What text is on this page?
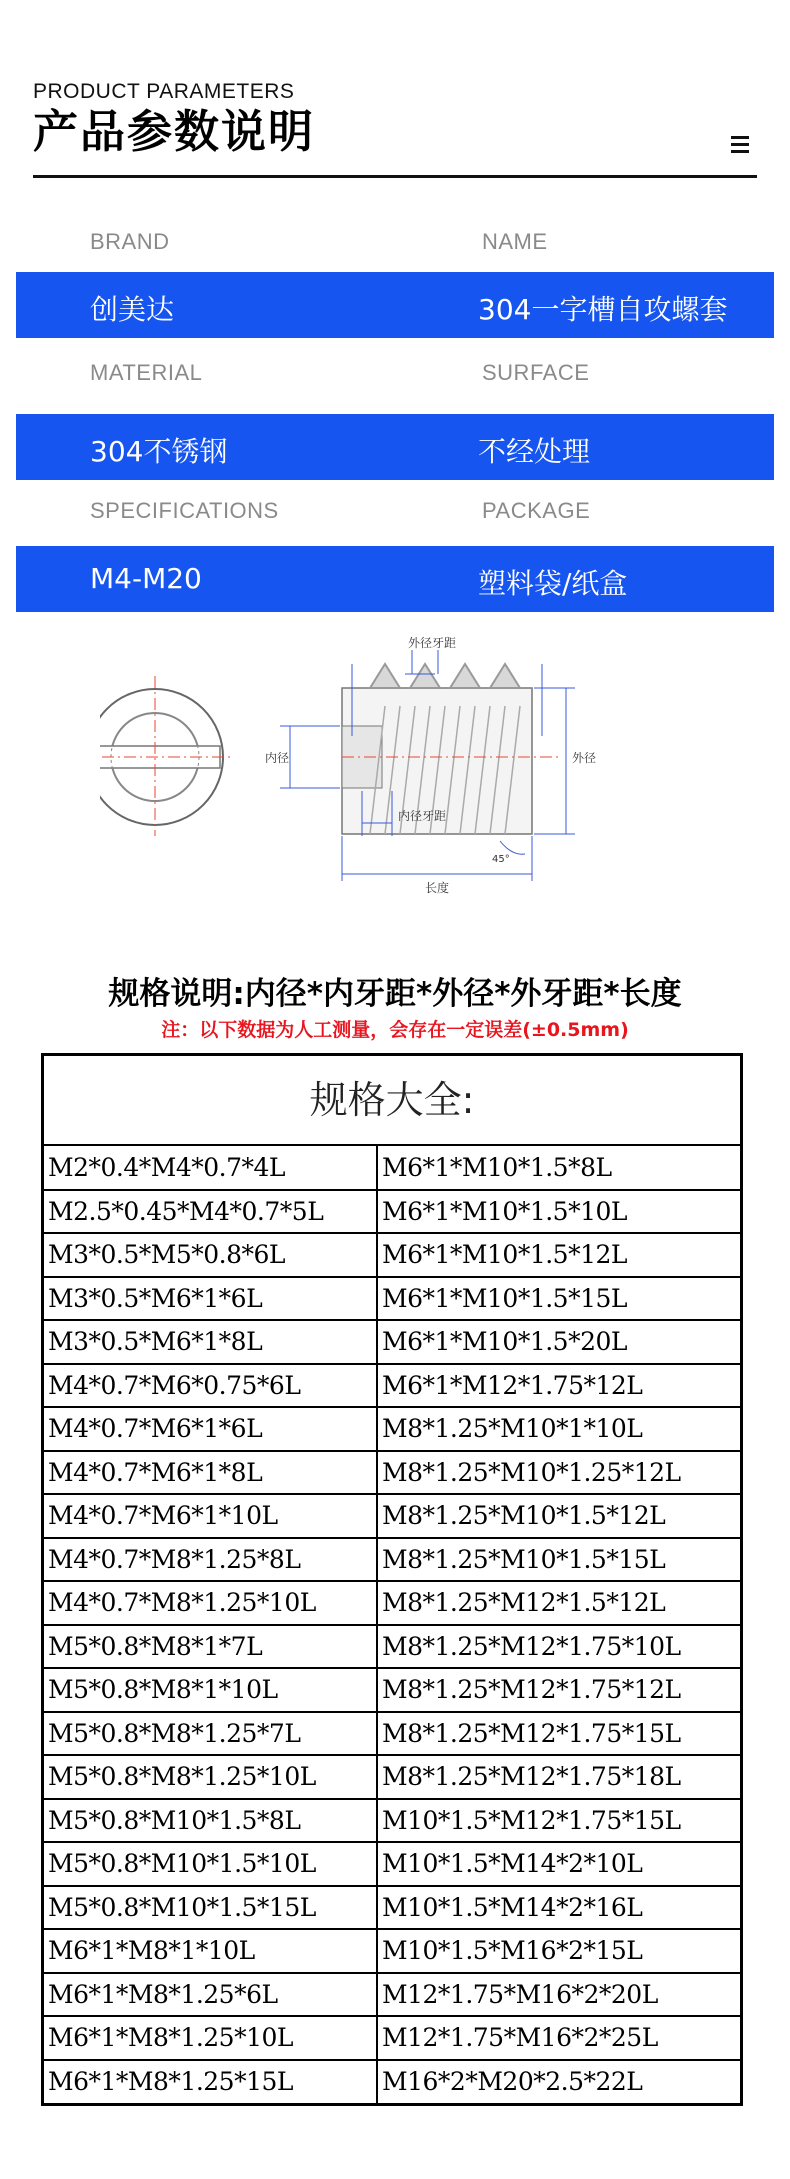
PRODUCT PARAMETERS
产品参数说明
BRAND	NAME
创美达	304一字槽自攻螺套
MATERIAL	SURFACE
304不锈钢	不经处理
SPECIFICATIONS	PACKAGE
M4-M20	塑料袋/纸盒
外径牙距
内径	外径
内径牙距
45°
长度
规格说明:内径*内牙距*外径*外牙距*长度
注：以下数据为人工测量，会存在一定误差(±0.5mm)
规格大全:
M2*0.4*M4*0.7*4L	M6*1*M10*1.5*8L
M2.5*0.45*M4*0.7*5L	M6*1*M10*1.5*10L
M3*0.5*M5*0.8*6L	M6*1*M10*1.5*12L
M3*0.5*M6*1*6L	M6*1*M10*1.5*15L
M3*0.5*M6*1*8L	M6*1*M10*1.5*20L
M4*0.7*M6*0.75*6L	M6*1*M12*1.75*12L
M4*0.7*M6*1*6L	M8*1.25*M10*1*10L
M4*0.7*M6*1*8L	M8*1.25*M10*1.25*12L
M4*0.7*M6*1*10L	M8*1.25*M10*1.5*12L
M4*0.7*M8*1.25*8L	M8*1.25*M10*1.5*15L
M4*0.7*M8*1.25*10L	M8*1.25*M12*1.5*12L
M5*0.8*M8*1*7L	M8*1.25*M12*1.75*10L
M5*0.8*M8*1*10L	M8*1.25*M12*1.75*12L
M5*0.8*M8*1.25*7L	M8*1.25*M12*1.75*15L
M5*0.8*M8*1.25*10L	M8*1.25*M12*1.75*18L
M5*0.8*M10*1.5*8L	M10*1.5*M12*1.75*15L
M5*0.8*M10*1.5*10L	M10*1.5*M14*2*10L
M5*0.8*M10*1.5*15L	M10*1.5*M14*2*16L
M6*1*M8*1*10L	M10*1.5*M16*2*15L
M6*1*M8*1.25*6L	M12*1.75*M16*2*20L
M6*1*M8*1.25*10L	M12*1.75*M16*2*25L
M6*1*M8*1.25*15L	M16*2*M20*2.5*22L
